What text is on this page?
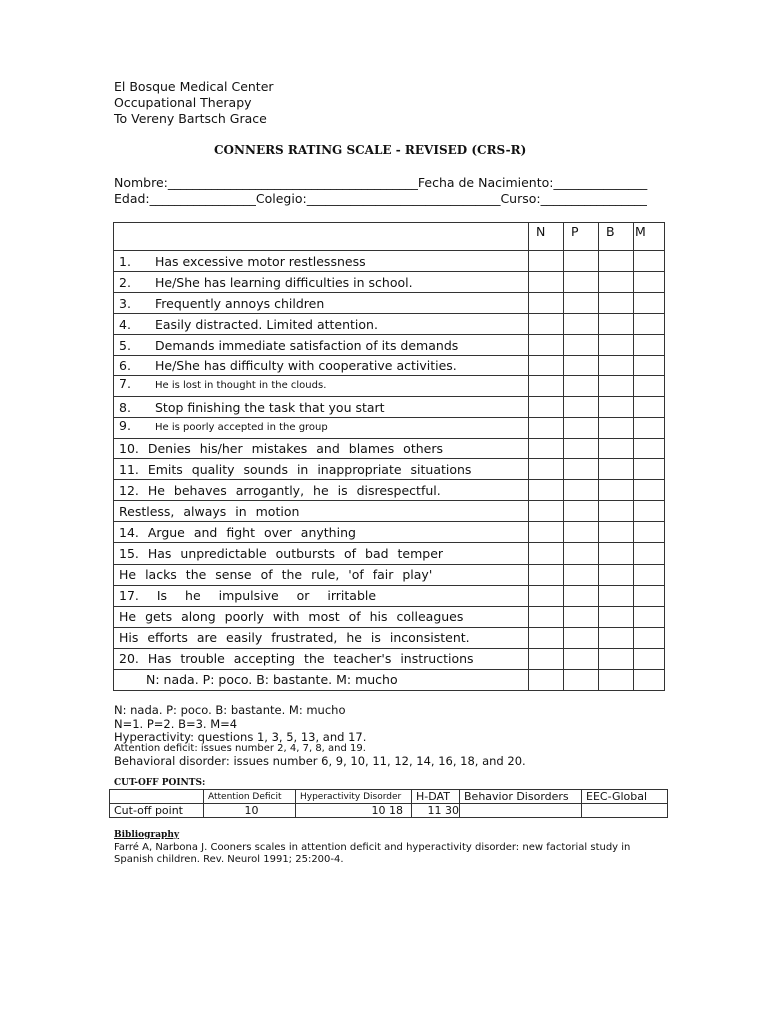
El Bosque Medical Center
Occupational Therapy
To Vereny Bartsch Grace
CONNERS RATING SCALE - REVISED (CRS-R)
Nombre:________________________________________Fecha de Nacimiento:_______________
Edad:_________________Colegio:_______________________________Curso:_________________
	N	P	B	M
1. Has excessive motor restlessness				
2. He/She has learning difficulties in school.				
3. Frequently annoys children				
4. Easily distracted. Limited attention.				
5. Demands immediate satisfaction of its demands				
6. He/She has difficulty with cooperative activities.				
7. He is lost in thought in the clouds.				
8. Stop finishing the task that you start				
9. He is poorly accepted in the group				
10. Denies his/her mistakes and blames others				
11. Emits quality sounds in inappropriate situations				
12. He behaves arrogantly, he is disrespectful.				
Restless, always in motion				
14. Argue and fight over anything				
15. Has unpredictable outbursts of bad temper				
He lacks the sense of the rule, 'of fair play'				
17. Is he impulsive or irritable				
He gets along poorly with most of his colleagues				
His efforts are easily frustrated, he is inconsistent.				
20. Has trouble accepting the teacher's instructions				
N: nada. P: poco. B: bastante. M: mucho				
N: nada. P: poco. B: bastante. M: mucho
N=1. P=2. B=3. M=4
Hyperactivity: questions 1, 3, 5, 13, and 17.
Attention deficit: issues number 2, 4, 7, 8, and 19.
Behavioral disorder: issues number 6, 9, 10, 11, 12, 14, 16, 18, and 20.
CUT-OFF POINTS:
	Attention Deficit	Hyperactivity Disorder	H-DAT	Behavior Disorders	EEC-Global
Cut-off point	10	10 18	11 30		
Bibliography
Farré A, Narbona J. Cooners scales in attention deficit and hyperactivity disorder: new factorial study in
Spanish children. Rev. Neurol 1991; 25:200-4.
